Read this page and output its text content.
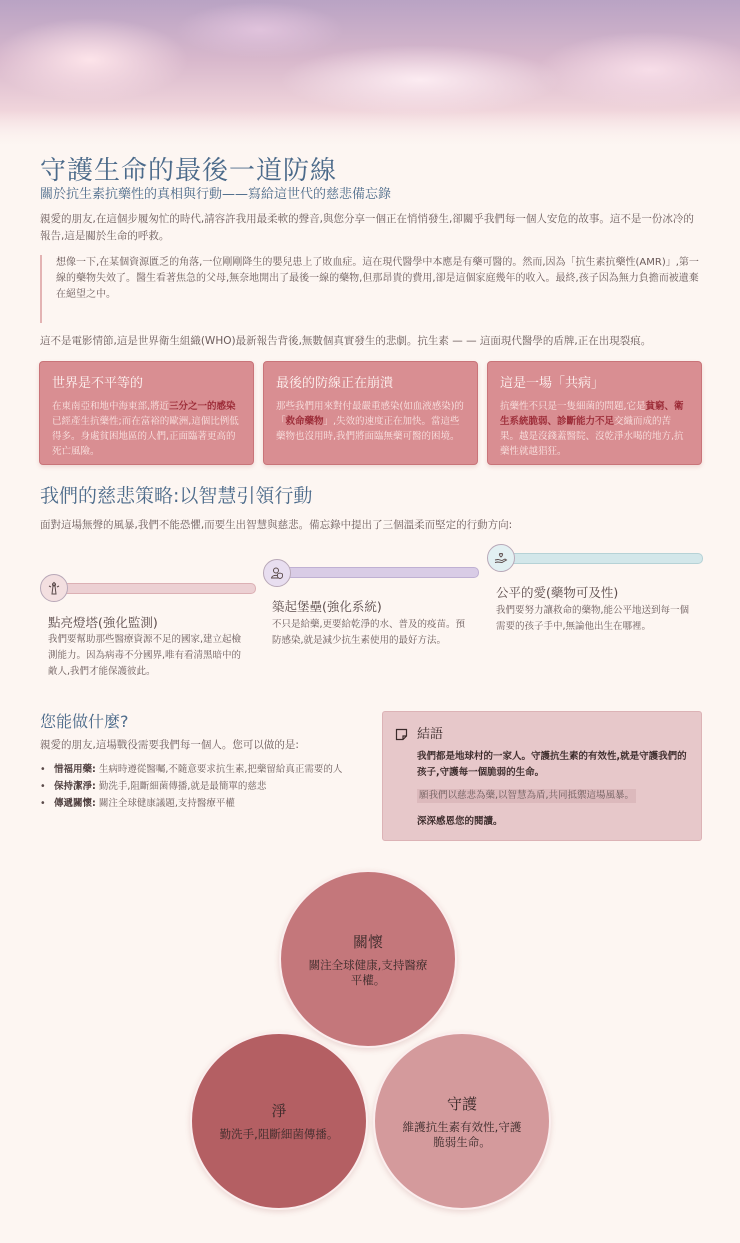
守護生命的最後一道防線
關於抗生素抗藥性的真相與行動——寫給這世代的慈悲備忘錄
親愛的朋友,在這個步履匆忙的時代,請容許我用最柔軟的聲音,與您分享一個正在悄悄發生,卻關乎我們每一個人安危的故事。這不是一份冰冷的報告,這是關於生命的呼救。
想像一下,在某個資源匱乏的角落,一位剛剛降生的嬰兒患上了敗血症。這在現代醫學中本應是有藥可醫的。然而,因為「抗生素抗藥性(AMR)」,第一線的藥物失效了。醫生看著焦急的父母,無奈地開出了最後一線的藥物,但那昂貴的費用,卻是這個家庭幾年的收入。最終,孩子因為無力負擔而被遺棄在絕望之中。
這不是電影情節,這是世界衛生組織(WHO)最新報告背後,無數個真實發生的悲劇。抗生素 — — 這面現代醫學的盾牌,正在出現裂痕。
世界是不平等的

在東南亞和地中海東部,將近三分之一的感染已經產生抗藥性;而在富裕的歐洲,這個比例低得多。身處貧困地區的人們,正面臨著更高的死亡風險。

最後的防線正在崩潰

那些我們用來對付最嚴重感染(如血液感染)的「救命藥物」,失效的速度正在加快。當這些藥物也沒用時,我們將面臨無藥可醫的困境。

這是一場「共病」

抗藥性不只是一隻細菌的問題,它是貧窮、衛生系統脆弱、診斷能力不足交織而成的苦果。越是沒錢蓋醫院、沒乾淨水喝的地方,抗藥性就越猖狂。

我們的慈悲策略:以智慧引領行動
面對這場無聲的風暴,我們不能恐懼,而要生出智慧與慈悲。備忘錄中提出了三個溫柔而堅定的行動方向:
點亮燈塔(強化監測)
我們要幫助那些醫療資源不足的國家,建立起檢測能力。因為病毒不分國界,唯有看清黑暗中的敵人,我們才能保護彼此。
築起堡壘(強化系統)
不只是給藥,更要給乾淨的水、普及的疫苗。預防感染,就是減少抗生素使用的最好方法。
公平的愛(藥物可及性)
我們要努力讓救命的藥物,能公平地送到每一個需要的孩子手中,無論他出生在哪裡。
您能做什麼?
親愛的朋友,這場戰役需要我們每一個人。您可以做的是:
• 惜福用藥: 生病時遵從醫囑,不隨意要求抗生素,把藥留給真正需要的人
• 保持潔淨: 勤洗手,阻斷細菌傳播,就是最簡單的慈悲
• 傳遞關懷: 關注全球健康議題,支持醫療平權
結語
我們都是地球村的一家人。守護抗生素的有效性,就是守護我們的孩子,守護每一個脆弱的生命。
願我們以慈悲為藥,以智慧為盾,共同抵禦這場風暴。
深深感恩您的閱讀。
關懷
關注全球健康,支持醫療平權。
淨
勤洗手,阻斷細菌傳播。
守護
維護抗生素有效性,守護脆弱生命。
